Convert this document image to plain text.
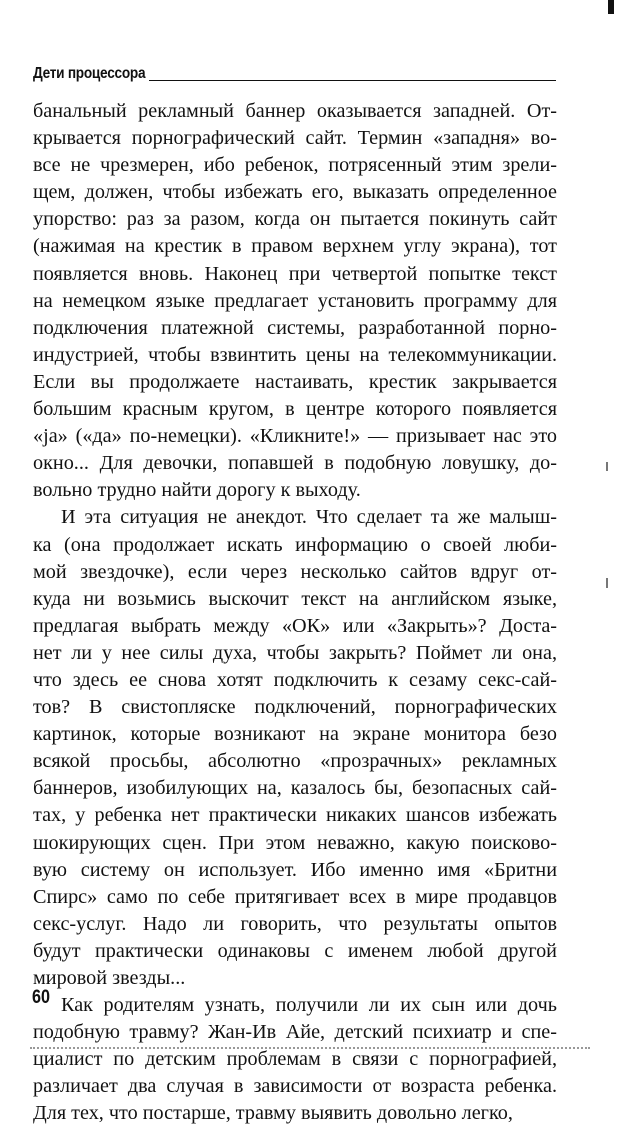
Дети процессора
банальный рекламный баннер оказывается западней. От-
крывается порнографический сайт. Термин «западня» во-
все не чрезмерен, ибо ребенок, потрясенный этим зрели-
щем, должен, чтобы избежать его, выказать определенное
упорство: раз за разом, когда он пытается покинуть сайт
(нажимая на крестик в правом верхнем углу экрана), тот
появляется вновь. Наконец при четвертой попытке текст
на немецком языке предлагает установить программу для
подключения платежной системы, разработанной порно-
индустрией, чтобы взвинтить цены на телекоммуникации.
Если вы продолжаете настаивать, крестик закрывается
большим красным кругом, в центре которого появляется
«ja» («да» по-немецки). «Кликните!» — призывает нас это
окно... Для девочки, попавшей в подобную ловушку, до-
вольно трудно найти дорогу к выходу.
И эта ситуация не анекдот. Что сделает та же малыш-
ка (она продолжает искать информацию о своей люби-
мой звездочке), если через несколько сайтов вдруг от-
куда ни возьмись выскочит текст на английском языке,
предлагая выбрать между «ОК» или «Закрыть»? Достa-
нет ли у нее силы духа, чтобы закрыть? Поймет ли она,
что здесь ее снова хотят подключить к сезаму секс-сай-
тов? В свистопляске подключений, порнографических
картинок, которые возникают на экране монитора безо
всякой просьбы, абсолютно «прозрачных» рекламных
баннеров, изобилующих на, казалось бы, безопасных сай-
тах, у ребенка нет практически никаких шансов избежать
шокирующих сцен. При этом неважно, какую поисково-
вую систему он использует. Ибо именно имя «Бритни
Спирс» само по себе притягивает всех в мире продавцов
секс-услуг. Надо ли говорить, что результаты опытов
будут практически одинаковы с именем любой другой
мировой звезды...
Как родителям узнать, получили ли их сын или дочь
подобную травму? Жан-Ив Айе, детский психиатр и спе-
циалист по детским проблемам в связи с порнографией,
различает два случая в зависимости от возраста ребенка.
Для тех, что постарше, травму выявить довольно легко,
60
